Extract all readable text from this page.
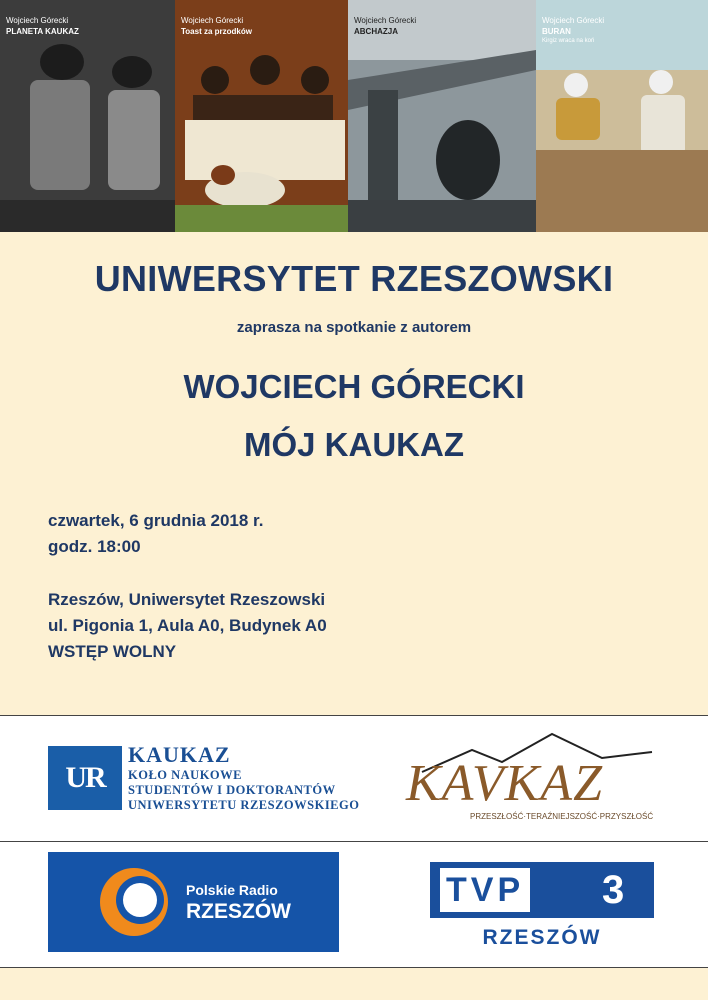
Wojciech Górecki
PLANETA KAUKAZ
Wojciech Górecki
Toast za przodków
Wojciech Górecki
ABCHAZJA
Wojciech Górecki
BURAN
Kirgiz wraca na koń
UNIWERSYTET RZESZOWSKI
zaprasza na spotkanie z autorem
WOJCIECH GÓRECKI
MÓJ KAUKAZ
czwartek, 6 grudnia 2018 r.
godz. 18:00
Rzeszów, Uniwersytet Rzeszowski
ul. Pigonia 1, Aula A0, Budynek A0
WSTĘP WOLNY
UR
KAUKAZ
KOŁO NAUKOWE
STUDENTÓW I DOKTORANTÓW
UNIWERSYTETU RZESZOWSKIEGO KAVKAZ
PRZESZŁOŚĆ·TERAŹNIEJSZOŚĆ·PRZYSZŁOŚĆ
Polskie Radio
RZESZÓW
TVP 3
RZESZÓW
